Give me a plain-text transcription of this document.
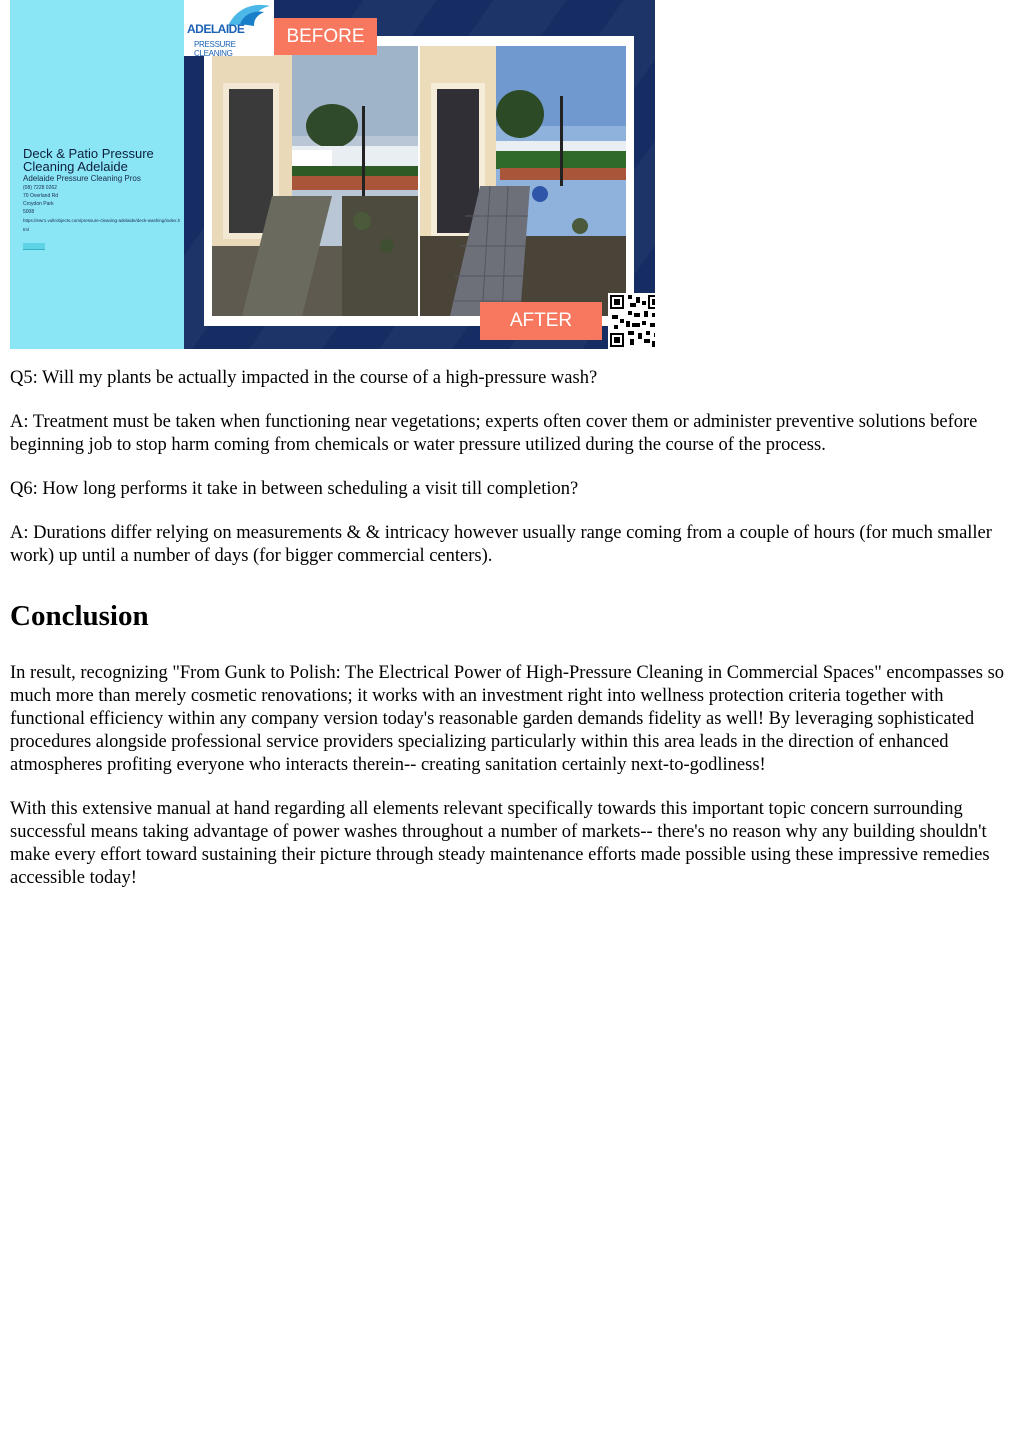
Deck & Patio Pressure Cleaning Adelaide
Adelaide Pressure Cleaning Pros
(08) 7228 0262
70 Overland Rd
Croydon Park
5008
https://ewr1.vultrobjects.com/pressure-cleaning-adelaide/deck-washing/index.html
ADELAIDE
PRESSURE CLEANING
BEFORE
AFTER

Q5: Will my plants be actually impacted in the course of a high-pressure wash?

A: Treatment must be taken when functioning near vegetations; experts often cover them or administer preventive solutions before beginning job to stop harm coming from chemicals or water pressure utilized during the course of the process.

Q6: How long performs it take in between scheduling a visit till completion?

A: Durations differ relying on measurements & & intricacy however usually range coming from a couple of hours (for much smaller work) up until a number of days (for bigger commercial centers).

Conclusion

In result, recognizing "From Gunk to Polish: The Electrical Power of High-Pressure Cleaning in Commercial Spaces" encompasses so much more than merely cosmetic renovations; it works with an investment right into wellness protection criteria together with functional efficiency within any company version today's reasonable garden demands fidelity as well! By leveraging sophisticated procedures alongside professional service providers specializing particularly within this area leads in the direction of enhanced atmospheres profiting everyone who interacts therein-- creating sanitation certainly next-to-godliness!

With this extensive manual at hand regarding all elements relevant specifically towards this important topic concern surrounding successful means taking advantage of power washes throughout a number of markets-- there's no reason why any building shouldn't make every effort toward sustaining their picture through steady maintenance efforts made possible using these impressive remedies accessible today!
